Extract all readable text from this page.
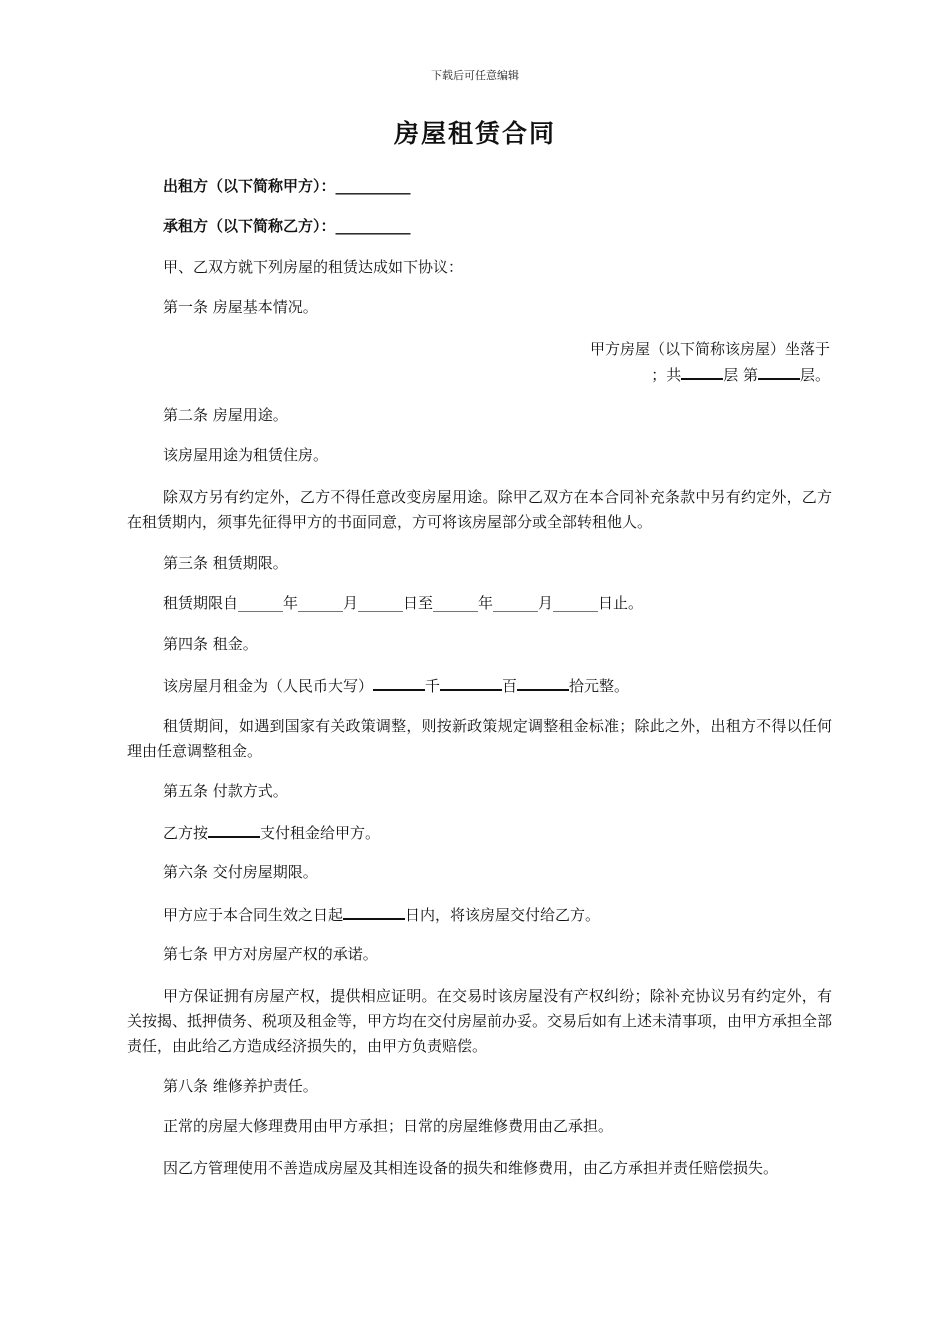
下载后可任意编辑
房屋租赁合同
出租方（以下简称甲方）：__________
承租方（以下简称乙方）：__________
甲、乙双方就下列房屋的租赁达成如下协议：
第一条 房屋基本情况。
甲方房屋（以下简称该房屋）坐落于
；共	层 第	层。
第二条 房屋用途。
该房屋用途为租赁住房。
除双方另有约定外，乙方不得任意改变房屋用途。除甲乙双方在本合同补充条款中另有约定外，乙方在租赁期内，须事先征得甲方的书面同意，方可将该房屋部分或全部转租他人。
第三条 租赁期限。
租赁期限自______年______月______日至______年______月______日止。
第四条 租金。
该房屋月租金为（人民币大写）	千	百	拾元整。
租赁期间，如遇到国家有关政策调整，则按新政策规定调整租金标准；除此之外，出租方不得以任何理由任意调整租金。
第五条 付款方式。
乙方按	支付租金给甲方。
第六条 交付房屋期限。
甲方应于本合同生效之日起	日内，将该房屋交付给乙方。
第七条 甲方对房屋产权的承诺。
甲方保证拥有房屋产权，提供相应证明。在交易时该房屋没有产权纠纷；除补充协议另有约定外，有关按揭、抵押债务、税项及租金等，甲方均在交付房屋前办妥。交易后如有上述未清事项，由甲方承担全部责任，由此给乙方造成经济损失的，由甲方负责赔偿。
第八条 维修养护责任。
正常的房屋大修理费用由甲方承担；日常的房屋维修费用由乙承担。
因乙方管理使用不善造成房屋及其相连设备的损失和维修费用，由乙方承担并责任赔偿损失。
